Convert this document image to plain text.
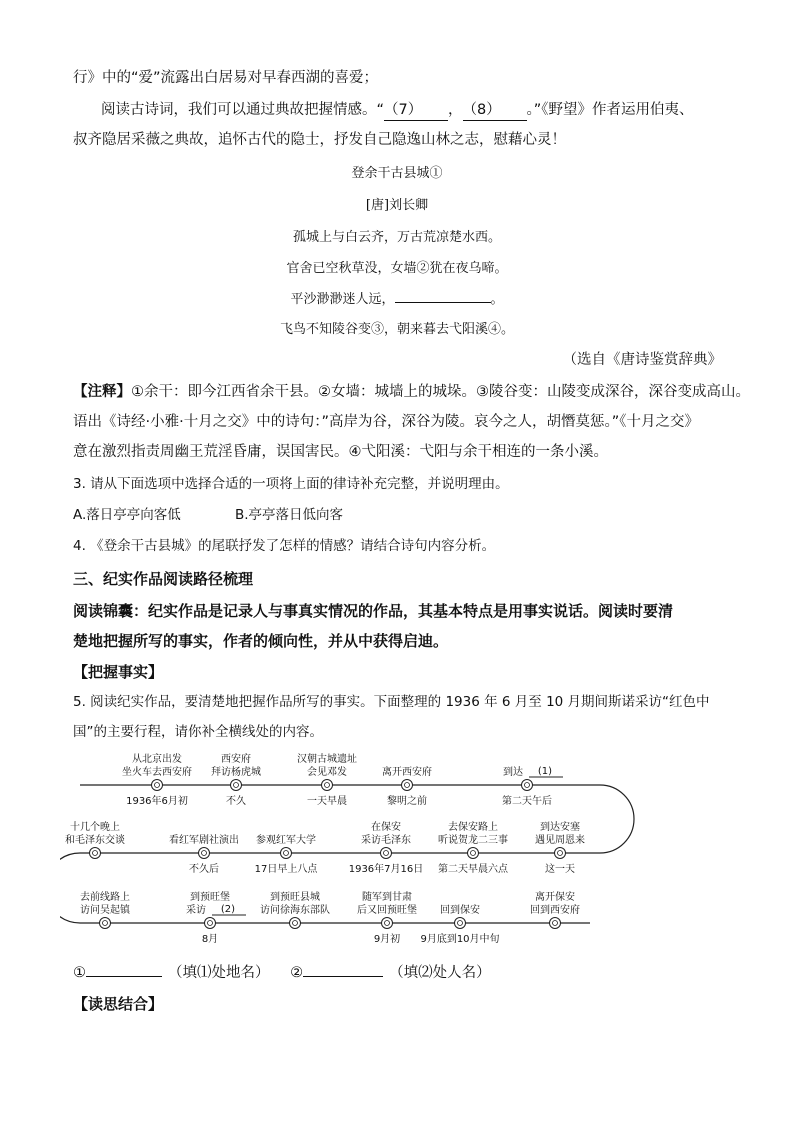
行》中的“爱”流露出白居易对早春西湖的喜爱；
阅读古诗词，我们可以通过典故把握情感。“（7） ，（8） 。”《野望》作者运用伯夷、
叔齐隐居采薇之典故，追怀古代的隐士，抒发自己隐逸山林之志，慰藉心灵！
登余干古县城①
[唐]刘长卿
孤城上与白云齐，万古荒凉楚水西。
官舍已空秋草没，女墙②犹在夜乌啼。
平沙渺渺迷人远，	。
飞鸟不知陵谷变③，朝来暮去弋阳溪④。
（选自《唐诗鉴赏辞典》
【注释】①余干：即今江西省余干县。②女墙：城墙上的城垛。③陵谷变：山陵变成深谷，深谷变成高山。
语出《诗经·小雅·十月之交》中的诗句：”高岸为谷，深谷为陵。哀今之人，胡憯莫惩。”《十月之交》
意在激烈指责周幽王荒淫昏庸，误国害民。④弋阳溪：弋阳与余干相连的一条小溪。
3. 请从下面选项中选择合适的一项将上面的律诗补充完整，并说明理由。
A.落日亭亭向客低	B.亭亭落日低向客
4. 《登余干古县城》的尾联抒发了怎样的情感？请结合诗句内容分析。
三、纪实作品阅读路径梳理
阅读锦囊：纪实作品是记录人与事真实情况的作品，其基本特点是用事实说话。阅读时要清
楚地把握所写的事实，作者的倾向性，并从中获得启迪。
【把握事实】
5. 阅读纪实作品，要清楚地把握作品所写的事实。下面整理的 1936 年 6 月至 10 月期间斯诺采访“红色中
国”的主要行程，请你补全横线处的内容。
从北京出发
坐火车去西安府
1936年6月初
西安府
拜访杨虎城
不久
汉朝古城遗址
会见邓发
一天早晨
离开西安府
黎明之前
到达 (1)
第二天午后
十几个晚上
和毛泽东交谈	看红军剧社演出
不久后
参观红军大学
17日早上八点
在保安
采访毛泽东
1936年7月16日
去保安路上
听说贺龙二三事
第二天早晨六点
到达安塞
遇见周恩来
这一天
去前线路上
访问吴起镇
到预旺堡
采访 (2)
8月
到预旺县城
访问徐海东部队
随军到甘肃
后又回预旺堡
9月初
回到保安
9月底到10月中旬
离开保安
回到西安府
①	（填⑴处地名） ②	（填⑵处人名）
【读思结合】
